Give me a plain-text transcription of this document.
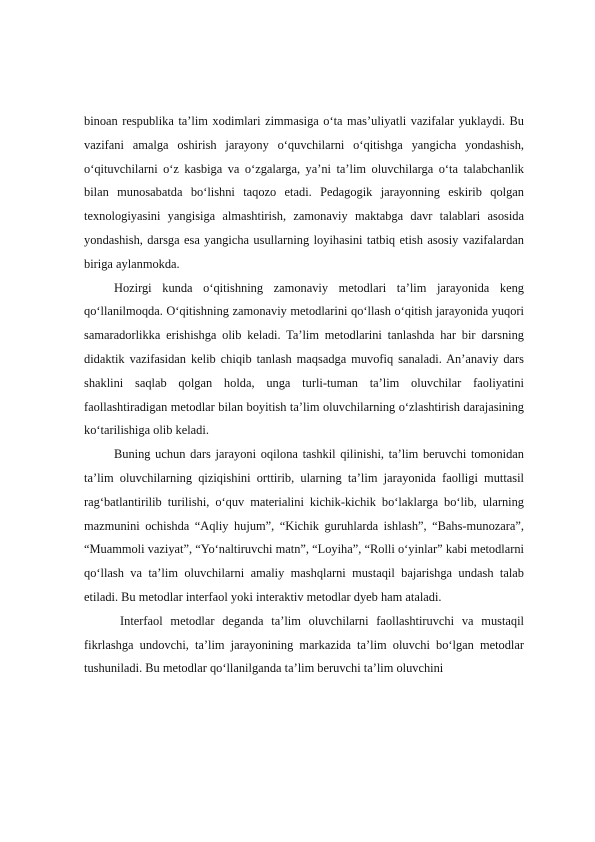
binoan respublika ta’lim xodimlari zimmasiga o‘ta mas’uliyatli vazifalar yuklaydi. Bu vazifani amalga oshirish jarayony o‘quvchilarni o‘qitishga yangicha yondashish, o‘qituvchilarni o‘z kasbiga va o‘zgalarga, ya’ni ta’lim oluvchilarga o‘ta talabchanlik bilan munosabatda bo‘lishni taqozo etadi. Pedagogik jarayonning eskirib qolgan texnologiyasini yangisiga almashtirish, zamonaviy maktabga davr talablari asosida yondashish, darsga esa yangicha usullarning loyihasini tatbiq etish asosiy vazifalardan biriga aylanmokda.

Hozirgi kunda o‘qitishning zamonaviy metodlari ta’lim jarayonida keng qo‘llanilmoqda. O‘qitishning zamonaviy metodlarini qo‘llash o‘qitish jarayonida yuqori samaradorlikka erishishga olib keladi. Ta’lim metodlarini tanlashda har bir darsning didaktik vazifasidan kelib chiqib tanlash maqsadga muvofiq sanaladi. An’anaviy dars shaklini saqlab qolgan holda, unga turli-tuman ta’lim oluvchilar faoliyatini faollashtiradigan metodlar bilan boyitish ta’lim oluvchilarning o‘zlashtirish darajasining ko‘tarilishiga olib keladi.

Buning uchun dars jarayoni oqilona tashkil qilinishi, ta’lim beruvchi tomonidan ta’lim oluvchilarning qiziqishini orttirib, ularning ta’lim jarayonida faolligi muttasil rag‘batlantirilib turilishi, o‘quv materialini kichik-kichik bo‘laklarga bo‘lib, ularning mazmunini ochishda “Aqliy hujum”, “Kichik guruhlarda ishlash”, “Bahs-munozara”, “Muammoli vaziyat”, “Yo‘naltiruvchi matn”, “Loyiha”, “Rolli o‘yinlar” kabi metodlarni qo‘llash va ta’lim oluvchilarni amaliy mashqlarni mustaqil bajarishga undash talab etiladi. Bu metodlar interfaol yoki interaktiv metodlar dyeb ham ataladi.

Interfaol metodlar deganda ta’lim oluvchilarni faollashtiruvchi va mustaqil fikrlashga undovchi, ta’lim jarayonining markazida ta’lim oluvchi bo‘lgan metodlar tushuniladi. Bu metodlar qo‘llanilganda ta’lim beruvchi ta’lim oluvchini
